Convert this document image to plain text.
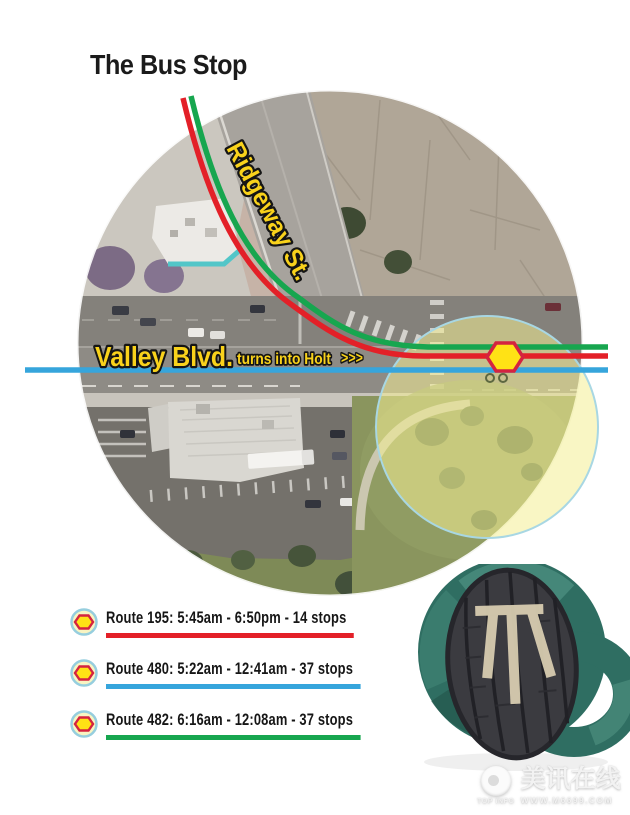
The Bus Stop
Ridgeway St.
Valley Blvd. turns into Holt >>>
Route 195: 5:45am - 6:50pm - 14 stops
Route 480: 5:22am - 12:41am - 37 stops
Route 482: 6:16am - 12:08am - 37 stops
TOP INFO
美讯在线
WWW.M6699.COM
